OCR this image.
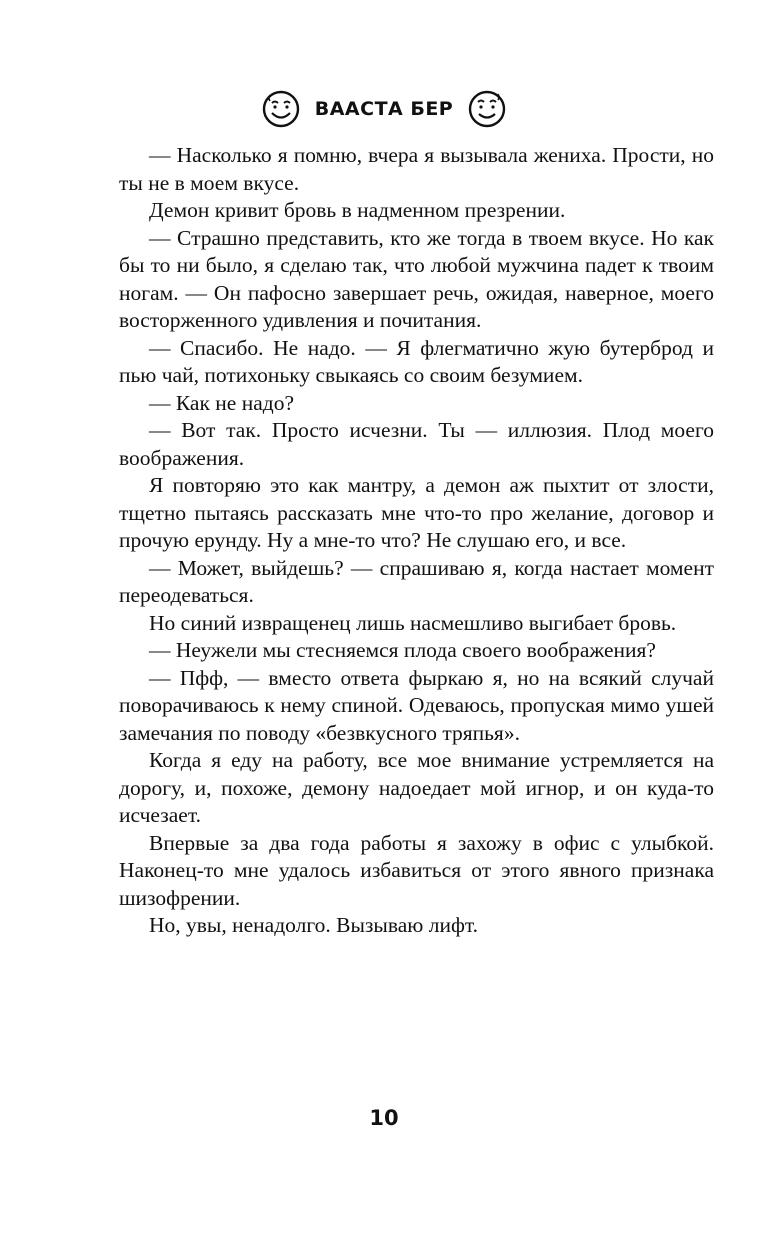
ВААСТА БЕР

— Насколько я помню, вчера я вызывала жениха. Прости, но ты не в моем вкусе.

Демон кривит бровь в надменном презрении.

— Страшно представить, кто же тогда в твоем вкусе. Но как бы то ни было, я сделаю так, что любой мужчина падет к твоим ногам. — Он пафосно завершает речь, ожидая, наверное, моего восторженного удивления и почитания.

— Спасибо. Не надо. — Я флегматично жую бутерброд и пью чай, потихоньку свыкаясь со своим безумием.

— Как не надо?

— Вот так. Просто исчезни. Ты — иллюзия. Плод моего воображения.

Я повторяю это как мантру, а демон аж пыхтит от злости, тщетно пытаясь рассказать мне что-то про желание, договор и прочую ерунду. Ну а мне-то что? Не слушаю его, и все.

— Может, выйдешь? — спрашиваю я, когда настает момент переодеваться.

Но синий извращенец лишь насмешливо выгибает бровь.

— Неужели мы стесняемся плода своего воображения?

— Пфф, — вместо ответа фыркаю я, но на всякий случай поворачиваюсь к нему спиной. Одеваюсь, пропуская мимо ушей замечания по поводу «безвкусного тряпья».

Когда я еду на работу, все мое внимание устремляется на дорогу, и, похоже, демону надоедает мой игнор, и он куда-то исчезает.

Впервые за два года работы я захожу в офис с улыбкой. Наконец-то мне удалось избавиться от этого явного признака шизофрении.

Но, увы, ненадолго. Вызываю лифт.

10
